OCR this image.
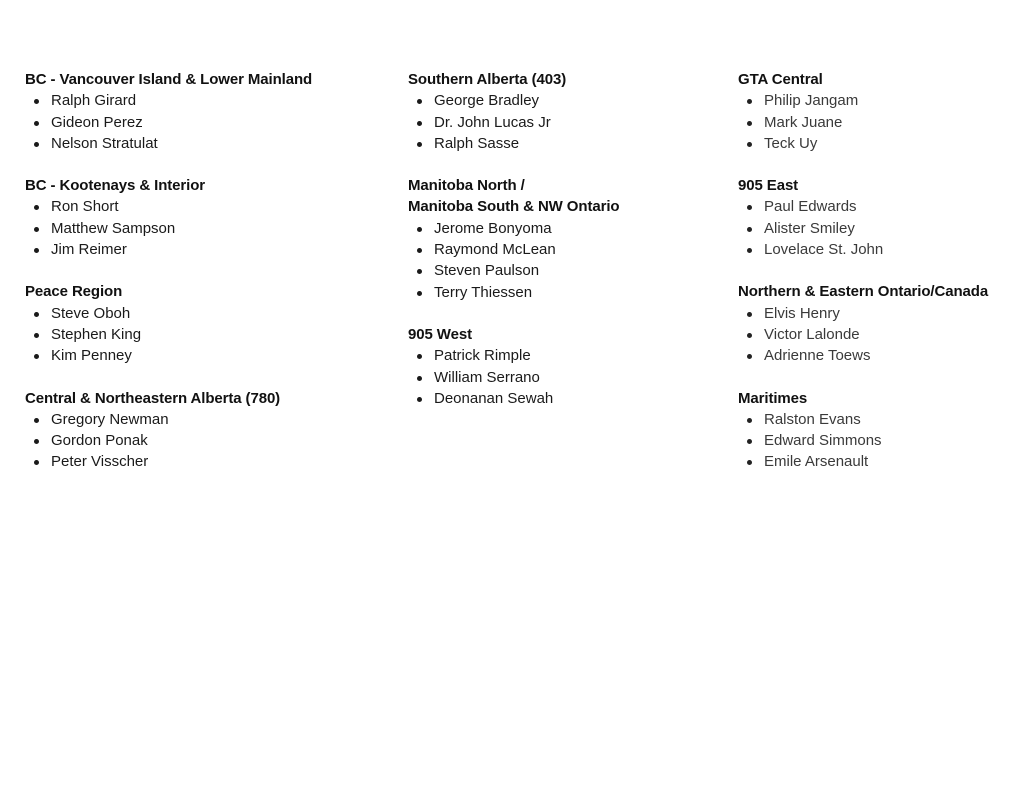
BC - Vancouver Island & Lower Mainland
Ralph Girard
Gideon Perez
Nelson Stratulat
BC - Kootenays & Interior
Ron Short
Matthew Sampson
Jim Reimer
Peace Region
Steve Oboh
Stephen King
Kim Penney
Central & Northeastern Alberta (780)
Gregory Newman
Gordon Ponak
Peter Visscher
Southern Alberta (403)
George Bradley
Dr. John Lucas Jr
Ralph Sasse
Manitoba North /
Manitoba South & NW Ontario
Jerome Bonyoma
Raymond McLean
Steven Paulson
Terry Thiessen
905 West
Patrick Rimple
William Serrano
Deonanan Sewah
GTA Central
Philip Jangam
Mark Juane
Teck Uy
905 East
Paul Edwards
Alister Smiley
Lovelace St. John
Northern & Eastern Ontario/Canada
Elvis Henry
Victor Lalonde
Adrienne Toews
Maritimes
Ralston Evans
Edward Simmons
Emile Arsenault
